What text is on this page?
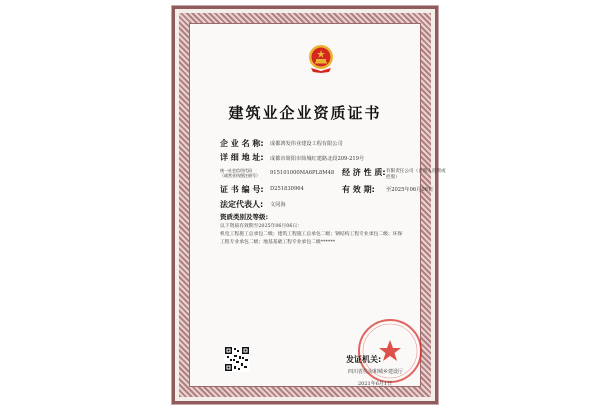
建筑业企业资质证书
企 业 名 称: 成都鸿发伟业建设工程有限公司
详 细 地 址: 成都市简阳市简城红建路北段209-219号
统一社会信用代码
（或营业执照注册号） 915101000MA6PL8M48 经 济 性 质: 有限责任公司（自然人投资或
控股）
证 书 编 号: D251830964	有 效 期: 至2025年06月06日
法定代表人: 文同海
资质类别及等级:
以下资质有效期至2025年06月06日：
机电工程施工总承包二级；建筑工程施工总承包二级；钢结构工程专业承包二级；环保
工程专业承包二级；地基基础工程专业承包二级******
发证机关:
四川省住房和城乡建设厅
2021年6月1日
